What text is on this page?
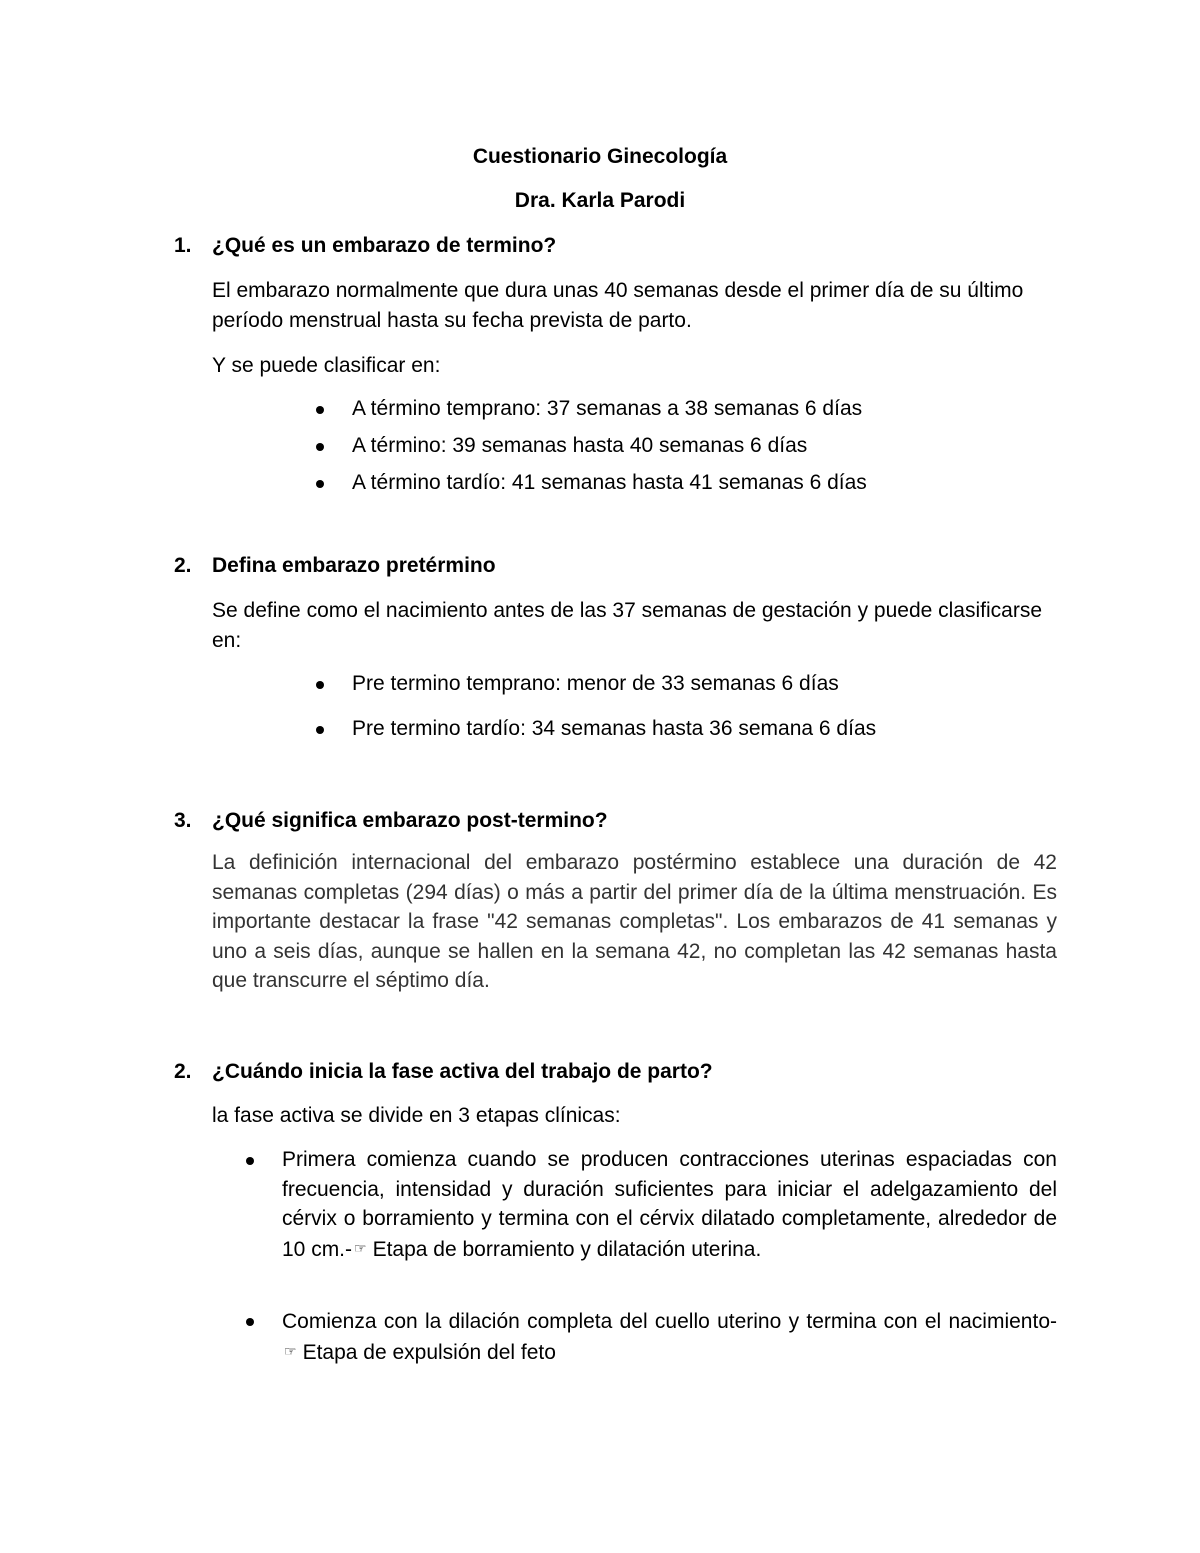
Cuestionario Ginecología
Dra. Karla Parodi
1. ¿Qué es un embarazo de termino?
El embarazo normalmente que dura unas 40 semanas desde el primer día de su último período menstrual hasta su fecha prevista de parto.
Y se puede clasificar en:
A término temprano: 37 semanas a 38 semanas 6 días
A término: 39 semanas hasta 40 semanas 6 días
A término tardío: 41 semanas hasta 41 semanas 6 días
2. Defina embarazo pretérmino
Se define como el nacimiento antes de las 37 semanas de gestación y puede clasificarse en:
Pre termino temprano: menor de 33 semanas 6 días
Pre termino tardío: 34 semanas hasta 36 semana 6 días
3. ¿Qué significa embarazo post-termino?
La definición internacional del embarazo postérmino establece una duración de 42 semanas completas (294 días) o más a partir del primer día de la última menstruación. Es importante destacar la frase "42 semanas completas". Los embarazos de 41 semanas y uno a seis días, aunque se hallen en la semana 42, no completan las 42 semanas hasta que transcurre el séptimo día.
2. ¿Cuándo inicia la fase activa del trabajo de parto?
la fase activa se divide en 3 etapas clínicas:
Primera comienza cuando se producen contracciones uterinas espaciadas con frecuencia, intensidad y duración suficientes para iniciar el adelgazamiento del cérvix o borramiento y termina con el cérvix dilatado completamente, alrededor de 10 cm.- ☞ Etapa de borramiento y dilatación uterina.
Comienza con la dilación completa del cuello uterino y termina con el nacimiento-☞ Etapa de expulsión del feto
